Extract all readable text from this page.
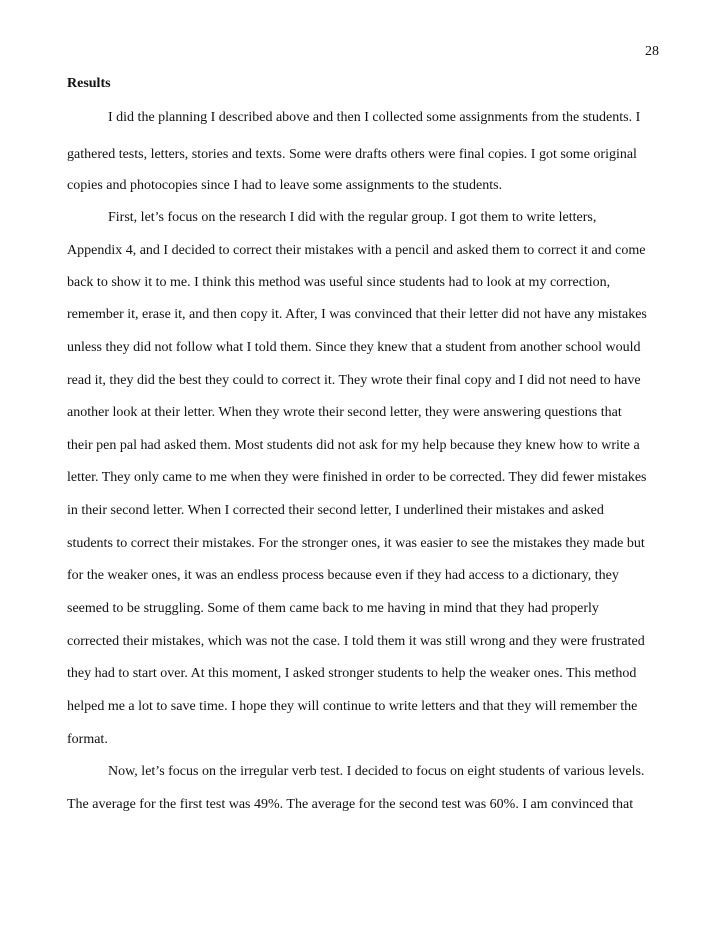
28
Results
I did the planning I described above and then I collected some assignments from the students. I
gathered tests, letters, stories and texts. Some were drafts others were final copies. I got some original
copies and photocopies since I had to leave some assignments to the students.
First, let’s focus on the research I did with the regular group. I got them to write letters,
Appendix 4, and I decided to correct their mistakes with a pencil and asked them to correct it and come
back to show it to me. I think this method was useful since students had to look at my correction,
remember it, erase it, and then copy it. After, I was convinced that their letter did not have any mistakes
unless they did not follow what I told them. Since they knew that a student from another school would
read it, they did the best they could to correct it. They wrote their final copy and I did not need to have
another look at their letter. When they wrote their second letter, they were answering questions that
their pen pal had asked them. Most students did not ask for my help because they knew how to write a
letter. They only came to me when they were finished in order to be corrected. They did fewer mistakes
in their second letter. When I corrected their second letter, I underlined their mistakes and asked
students to correct their mistakes. For the stronger ones, it was easier to see the mistakes they made but
for the weaker ones, it was an endless process because even if they had access to a dictionary, they
seemed to be struggling. Some of them came back to me having in mind that they had properly
corrected their mistakes, which was not the case. I told them it was still wrong and they were frustrated
they had to start over. At this moment, I asked stronger students to help the weaker ones. This method
helped me a lot to save time. I hope they will continue to write letters and that they will remember the
format.
Now, let’s focus on the irregular verb test. I decided to focus on eight students of various levels.
The average for the first test was 49%. The average for the second test was 60%. I am convinced that
